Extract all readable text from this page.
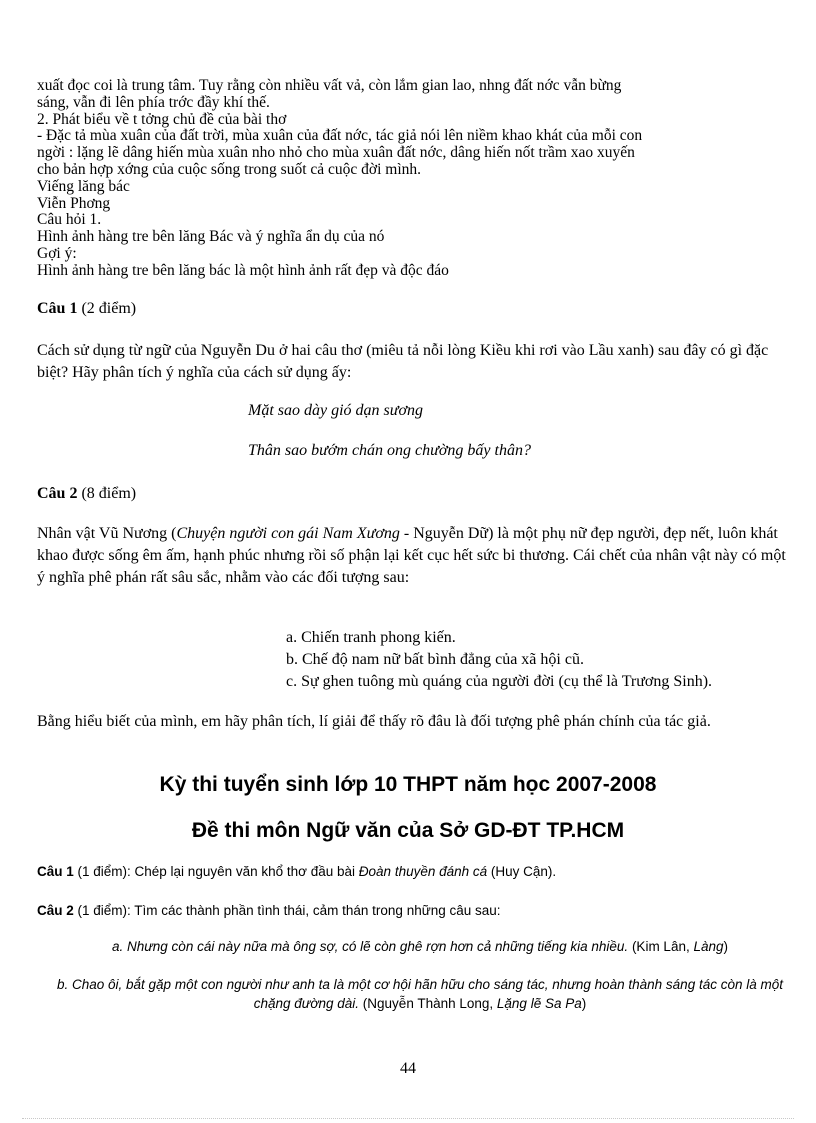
xuất đọc coi là trung tâm. Tuy rằng còn nhiều vất vả, còn lắm gian lao, nhng đất nớc vẫn bừng
sáng, vẫn đi lên phía trớc đầy khí thế.
2. Phát biểu về t tởng chủ đề của bài thơ
- Đặc tả mùa xuân của đất trời, mùa xuân của đất nớc, tác giả nói lên niềm khao khát của mỗi con
ngời : lặng lẽ dâng hiến mùa xuân nho nhỏ cho mùa xuân đất nớc, dâng hiến nốt trầm xao xuyến
cho bản hợp xớng của cuộc sống trong suốt cả cuộc đời mình.
Viếng lăng bác
Viễn Phơng
Câu hỏi 1.
Hình ảnh hàng tre bên lăng Bác và ý nghĩa ẩn dụ của nó
Gợi ý:
Hình ảnh hàng tre bên lăng bác là một hình ảnh rất đẹp và độc đáo
Câu 1 (2 điểm)
Cách sử dụng từ ngữ của Nguyễn Du ở hai câu thơ (miêu tả nỗi lòng Kiều khi rơi vào Lầu xanh) sau đây có gì đặc biệt? Hãy phân tích ý nghĩa của cách sử dụng ấy:
Mặt sao dày gió dạn sương
Thân sao bướm chán ong chường bấy thân?
Câu 2 (8 điểm)
Nhân vật Vũ Nương (Chuyện người con gái Nam Xương - Nguyễn Dữ) là một phụ nữ đẹp người, đẹp nết, luôn khát khao được sống êm ấm, hạnh phúc nhưng rồi số phận lại kết cục hết sức bi thương. Cái chết của nhân vật này có một ý nghĩa phê phán rất sâu sắc, nhằm vào các đối tượng sau:
a. Chiến tranh phong kiến.
b. Chế độ nam nữ bất bình đẳng của xã hội cũ.
c. Sự ghen tuông mù quáng của người đời (cụ thể là Trương Sinh).
Bằng hiểu biết của mình, em hãy phân tích, lí giải để thấy rõ đâu là đối tượng phê phán chính của tác giả.
Kỳ thi tuyển sinh lớp 10 THPT năm học 2007-2008
Đề thi môn Ngữ văn của Sở GD-ĐT TP.HCM
Câu 1 (1 điểm): Chép lại nguyên văn khổ thơ đầu bài Đoàn thuyền đánh cá (Huy Cận).
Câu 2 (1 điểm): Tìm các thành phần tình thái, cảm thán trong những câu sau:
a. Nhưng còn cái này nữa mà ông sợ, có lẽ còn ghê rợn hơn cả những tiếng kia nhiều. (Kim Lân, Làng)
b. Chao ôi, bắt gặp một con người như anh ta là một cơ hội hãn hữu cho sáng tác, nhưng hoàn thành sáng tác còn là một chặng đường dài. (Nguyễn Thành Long, Lặng lẽ Sa Pa)
44
